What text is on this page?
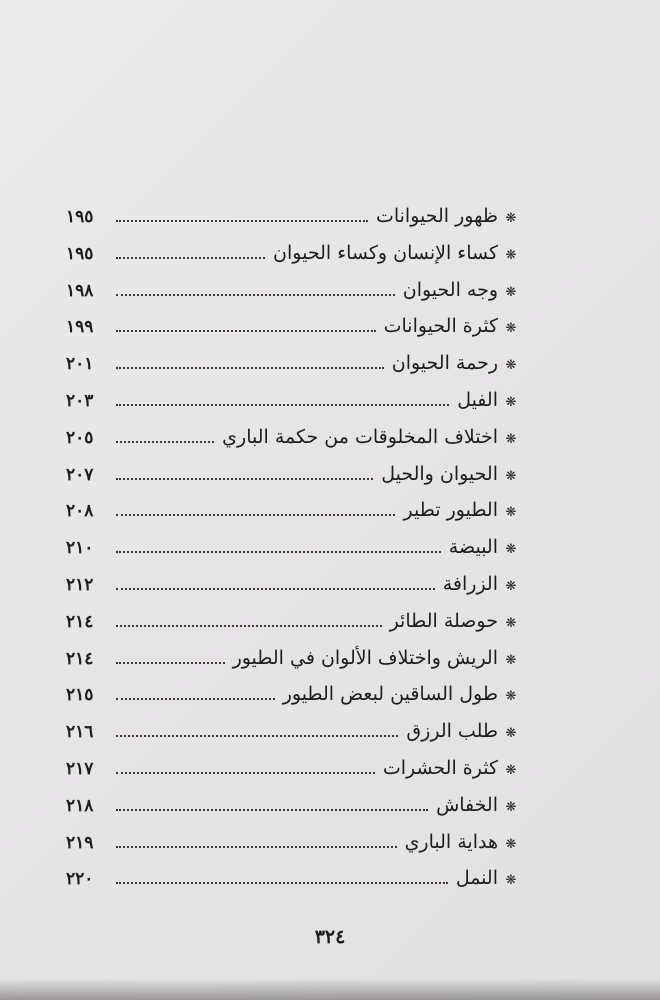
❋
ظهور الحيوانات
١٩٥
❋
كساء الإنسان وكساء الحيوان
١٩٥
❋
وجه الحيوان
١٩٨
❋
كثرة الحيوانات
١٩٩
❋
رحمة الحيوان
٢٠١
❋
الفيل
٢٠٣
❋
اختلاف المخلوقات من حكمة الباري
٢٠٥
❋
الحيوان والحيل
٢٠٧
❋
الطيور تطير
٢٠٨
❋
البيضة
٢١٠
❋
الزرافة
٢١٢
❋
حوصلة الطائر
٢١٤
❋
الريش واختلاف الألوان في الطيور
٢١٤
❋
طول الساقين لبعض الطيور
٢١٥
❋
طلب الرزق
٢١٦
❋
كثرة الحشرات
٢١٧
❋
الخفاش
٢١٨
❋
هداية الباري
٢١٩
❋
النمل
٢٢٠
٣٢٤
